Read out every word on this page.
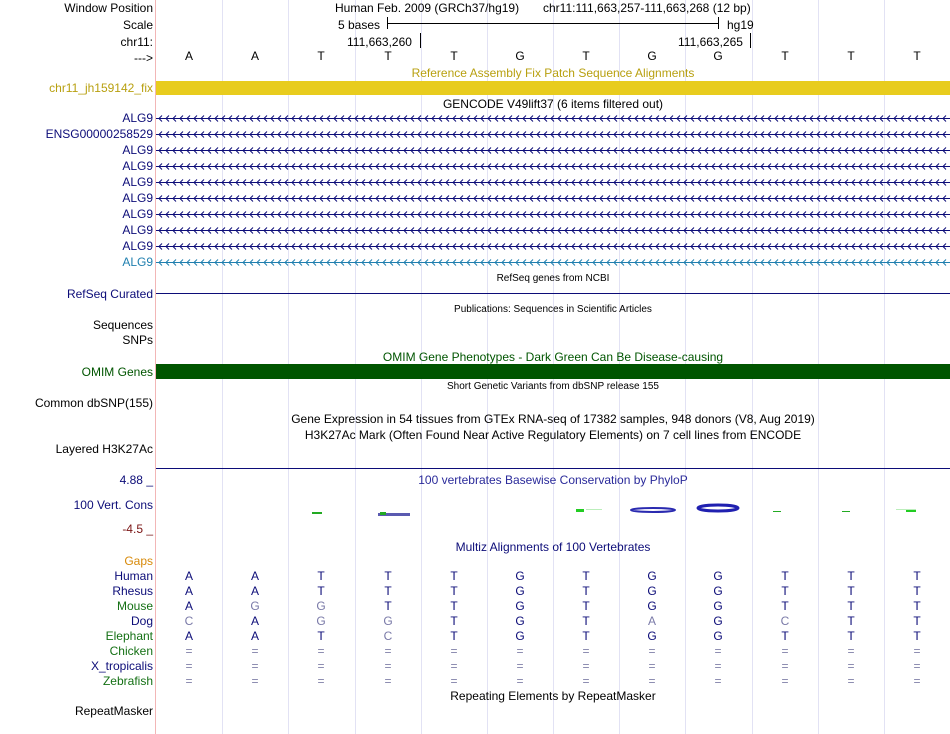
Window Position
Scale
chr11:
--->
Human Feb. 2009 (GRCh37/hg19) chr11:111,663,257-111,663,268 (12 bp)
5 bases	hg19
111,663,260	111,663,265
A	A	T	T	T	G	T	G	G	T	T	T
Reference Assembly Fix Patch Sequence Alignments
chr11_jh159142_fix
GENCODE V49lift37 (6 items filtered out)
ALG9
ENSG00000258529
ALG9
ALG9
ALG9
ALG9
ALG9
ALG9
ALG9
ALG9
RefSeq genes from NCBI
RefSeq Curated
Publications: Sequences in Scientific Articles
Sequences
SNPs
OMIM Gene Phenotypes - Dark Green Can Be Disease-causing
OMIM Genes
Short Genetic Variants from dbSNP release 155
Common dbSNP(155)
Gene Expression in 54 tissues from GTEx RNA-seq of 17382 samples, 948 donors (V8, Aug 2019)
H3K27Ac Mark (Often Found Near Active Regulatory Elements) on 7 cell lines from ENCODE
Layered H3K27Ac
100 vertebrates Basewise Conservation by PhyloP
4.88 _
100 Vert. Cons
-4.5 _
Multiz Alignments of 100 Vertebrates
Gaps
Human	A	A	T	T	T	G	T	G	G	T	T	T
Rhesus	A	A	T	T	T	G	T	G	G	T	T	T
Mouse	A	G	G	T	T	G	T	G	G	T	T	T
Dog	C	A	G	G	T	G	T	A	G	C	T	T
Elephant	A	A	T	C	T	G	T	G	G	T	T	T
Chicken	=	=	=	=	=	=	=	=	=	=	=	=
X_tropicalis	=	=	=	=	=	=	=	=	=	=	=	=
Zebrafish	=	=	=	=	=	=	=	=	=	=	=	=
Repeating Elements by RepeatMasker
RepeatMasker
